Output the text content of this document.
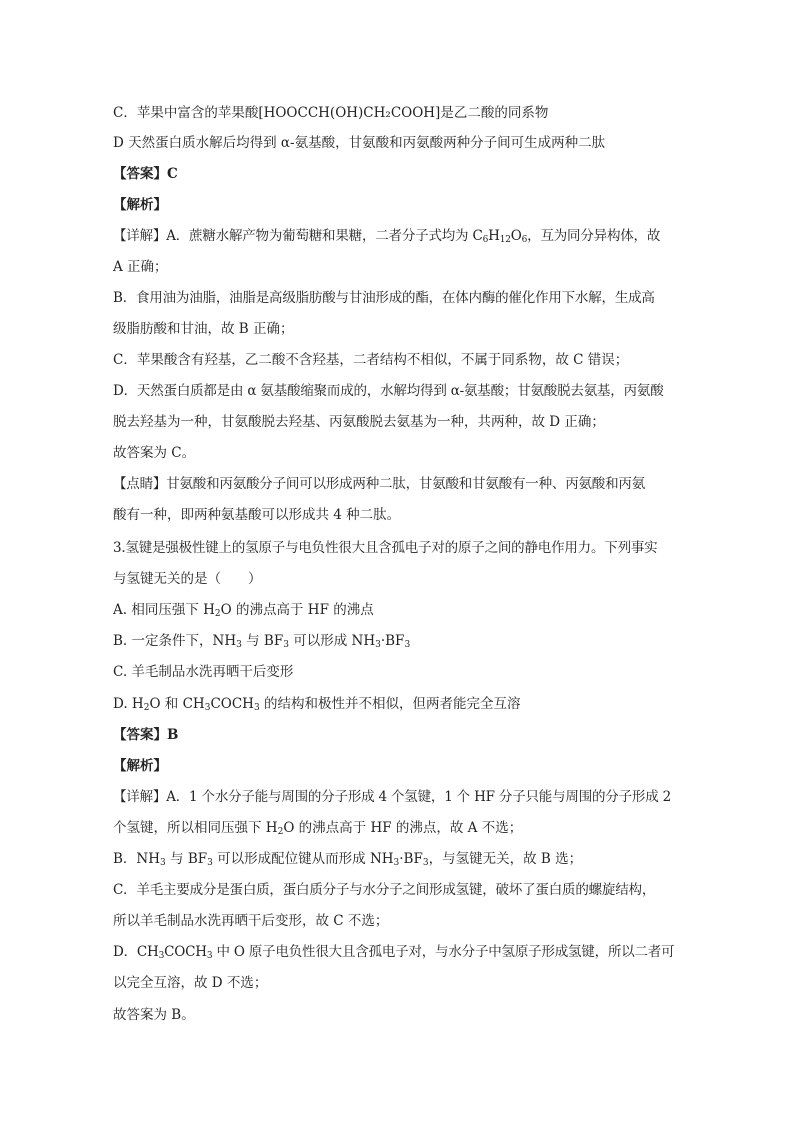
C．苹果中富含的苹果酸[HOOCCH(OH)CH₂COOH]是乙二酸的同系物
D 天然蛋白质水解后均得到 α-氨基酸，甘氨酸和丙氨酸两种分子间可生成两种二肽
【答案】C
【解析】
【详解】A．蔗糖水解产物为葡萄糖和果糖，二者分子式均为 $C_6H_{12}O_6$，互为同分异构体，故
A 正确；
B．食用油为油脂，油脂是高级脂肪酸与甘油形成的酯，在体内酶的催化作用下水解，生成高
级脂肪酸和甘油，故 B 正确；
C．苹果酸含有羟基，乙二酸不含羟基，二者结构不相似，不属于同系物，故 C 错误；
D．天然蛋白质都是由 α 氨基酸缩聚而成的，水解均得到 α-氨基酸；甘氨酸脱去氨基，丙氨酸
脱去羟基为一种，甘氨酸脱去羟基、丙氨酸脱去氨基为一种，共两种，故 D 正确；
故答案为 C。
【点睛】甘氨酸和丙氨酸分子间可以形成两种二肽，甘氨酸和甘氨酸有一种、丙氨酸和丙氨
酸有一种，即两种氨基酸可以形成共 4 种二肽。
3.氢键是强极性键上的氢原子与电负性很大且含孤电子对的原子之间的静电作用力。下列事实
与氢键无关的是（　　）
A. 相同压强下 $H_2O$ 的沸点高于 HF 的沸点
B. 一定条件下，$NH_3$ 与 $BF_3$ 可以形成 $NH_3\cdot BF_3$
C. 羊毛制品水洗再晒干后变形
D. $H_2O$ 和 $CH_3COCH_3$ 的结构和极性并不相似，但两者能完全互溶
【答案】B
【解析】
【详解】A．1 个水分子能与周围的分子形成 4 个氢键，1 个 HF 分子只能与周围的分子形成 2
个氢键，所以相同压强下 $H_2O$ 的沸点高于 HF 的沸点，故 A 不选；
B．$NH_3$ 与 $BF_3$ 可以形成配位键从而形成 $NH_3\cdot BF_3$，与氢键无关，故 B 选；
C．羊毛主要成分是蛋白质，蛋白质分子与水分子之间形成氢键，破坏了蛋白质的螺旋结构，
所以羊毛制品水洗再晒干后变形，故 C 不选；
D．$CH_3COCH_3$ 中 O 原子电负性很大且含孤电子对，与水分子中氢原子形成氢键，所以二者可
以完全互溶，故 D 不选；
故答案为 B。
